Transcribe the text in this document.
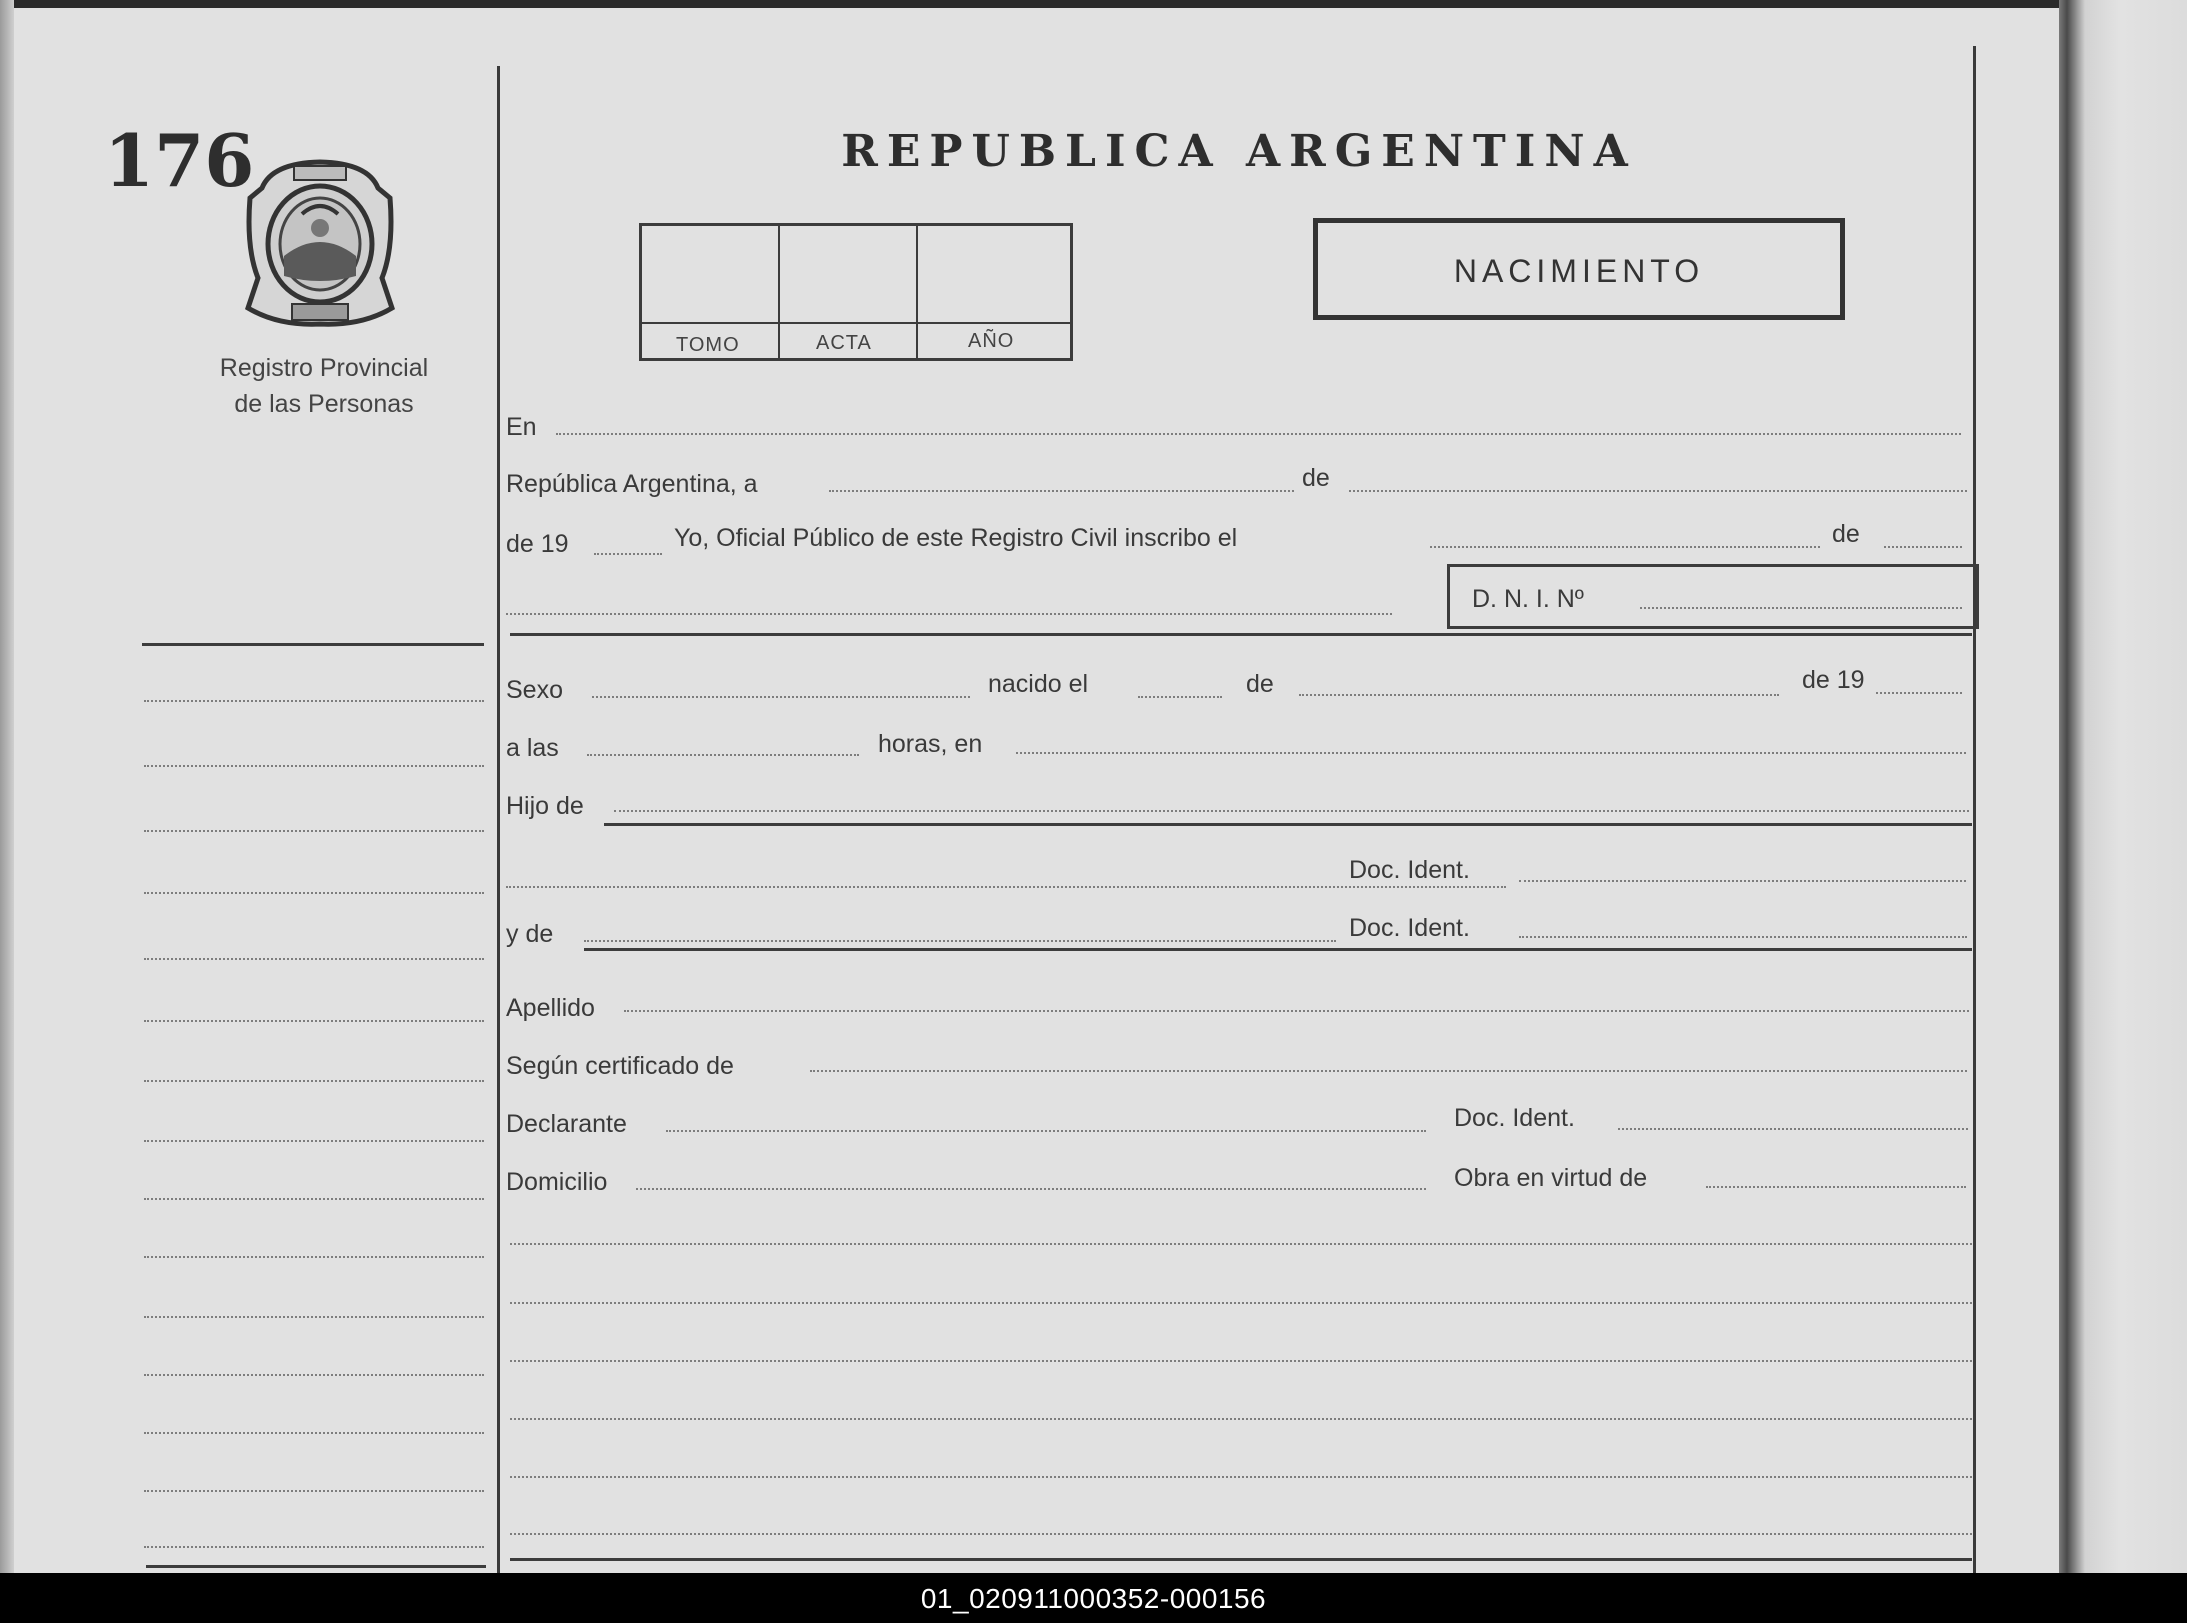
176
Registro Provincial
de las Personas
REPUBLICA ARGENTINA
TOMO	ACTA	AÑO
NACIMIENTO
En
República Argentina, a	de
de 19	Yo, Oficial Público de este Registro Civil inscribo el	de
D. N. I. Nº
Sexo	nacido el	de	de 19
a las	horas, en
Hijo de
Doc. Ident.
y de	Doc. Ident.
Apellido
Según certificado de
Declarante	Doc. Ident.
Domicilio	Obra en virtud de
01_020911000352-000156
